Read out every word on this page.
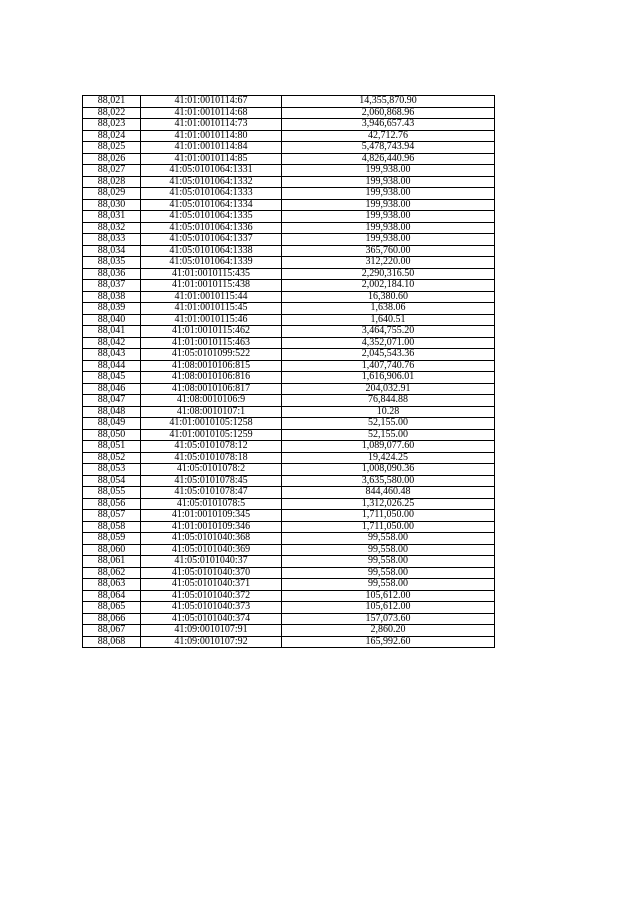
88,021	41:01:0010114:67	14,355,870.90
88,022	41:01:0010114:68	2,060,868.96
88,023	41:01:0010114:73	3,946,657.43
88,024	41:01:0010114:80	42,712.76
88,025	41:01:0010114:84	5,478,743.94
88,026	41:01:0010114:85	4,826,440.96
88,027	41:05:0101064:1331	199,938.00
88,028	41:05:0101064:1332	199,938.00
88,029	41:05:0101064:1333	199,938.00
88,030	41:05:0101064:1334	199,938.00
88,031	41:05:0101064:1335	199,938.00
88,032	41:05:0101064:1336	199,938.00
88,033	41:05:0101064:1337	199,938.00
88,034	41:05:0101064:1338	365,760.00
88,035	41:05:0101064:1339	312,220.00
88,036	41:01:0010115:435	2,290,316.50
88,037	41:01:0010115:438	2,002,184.10
88,038	41:01:0010115:44	16,380.60
88,039	41:01:0010115:45	1,638.06
88,040	41:01:0010115:46	1,640.51
88,041	41:01:0010115:462	3,464,755.20
88,042	41:01:0010115:463	4,352,071.00
88,043	41:05:0101099:522	2,045,543.36
88,044	41:08:0010106:815	1,407,740.76
88,045	41:08:0010106:816	1,616,906.01
88,046	41:08:0010106:817	204,032.91
88,047	41:08:0010106:9	76,844.88
88,048	41:08:0010107:1	10.28
88,049	41:01:0010105:1258	52,155.00
88,050	41:01:0010105:1259	52,155.00
88,051	41:05:0101078:12	1,089,077.60
88,052	41:05:0101078:18	19,424.25
88,053	41:05:0101078:2	1,008,090.36
88,054	41:05:0101078:45	3,635,580.00
88,055	41:05:0101078:47	844,460.48
88,056	41:05:0101078:5	1,312,026.25
88,057	41:01:0010109:345	1,711,050.00
88,058	41:01:0010109:346	1,711,050.00
88,059	41:05:0101040:368	99,558.00
88,060	41:05:0101040:369	99,558.00
88,061	41:05:0101040:37	99,558.00
88,062	41:05:0101040:370	99,558.00
88,063	41:05:0101040:371	99,558.00
88,064	41:05:0101040:372	105,612.00
88,065	41:05:0101040:373	105,612.00
88,066	41:05:0101040:374	157,073.60
88,067	41:09:0010107:91	2,860.20
88,068	41:09:0010107:92	165,992.60
